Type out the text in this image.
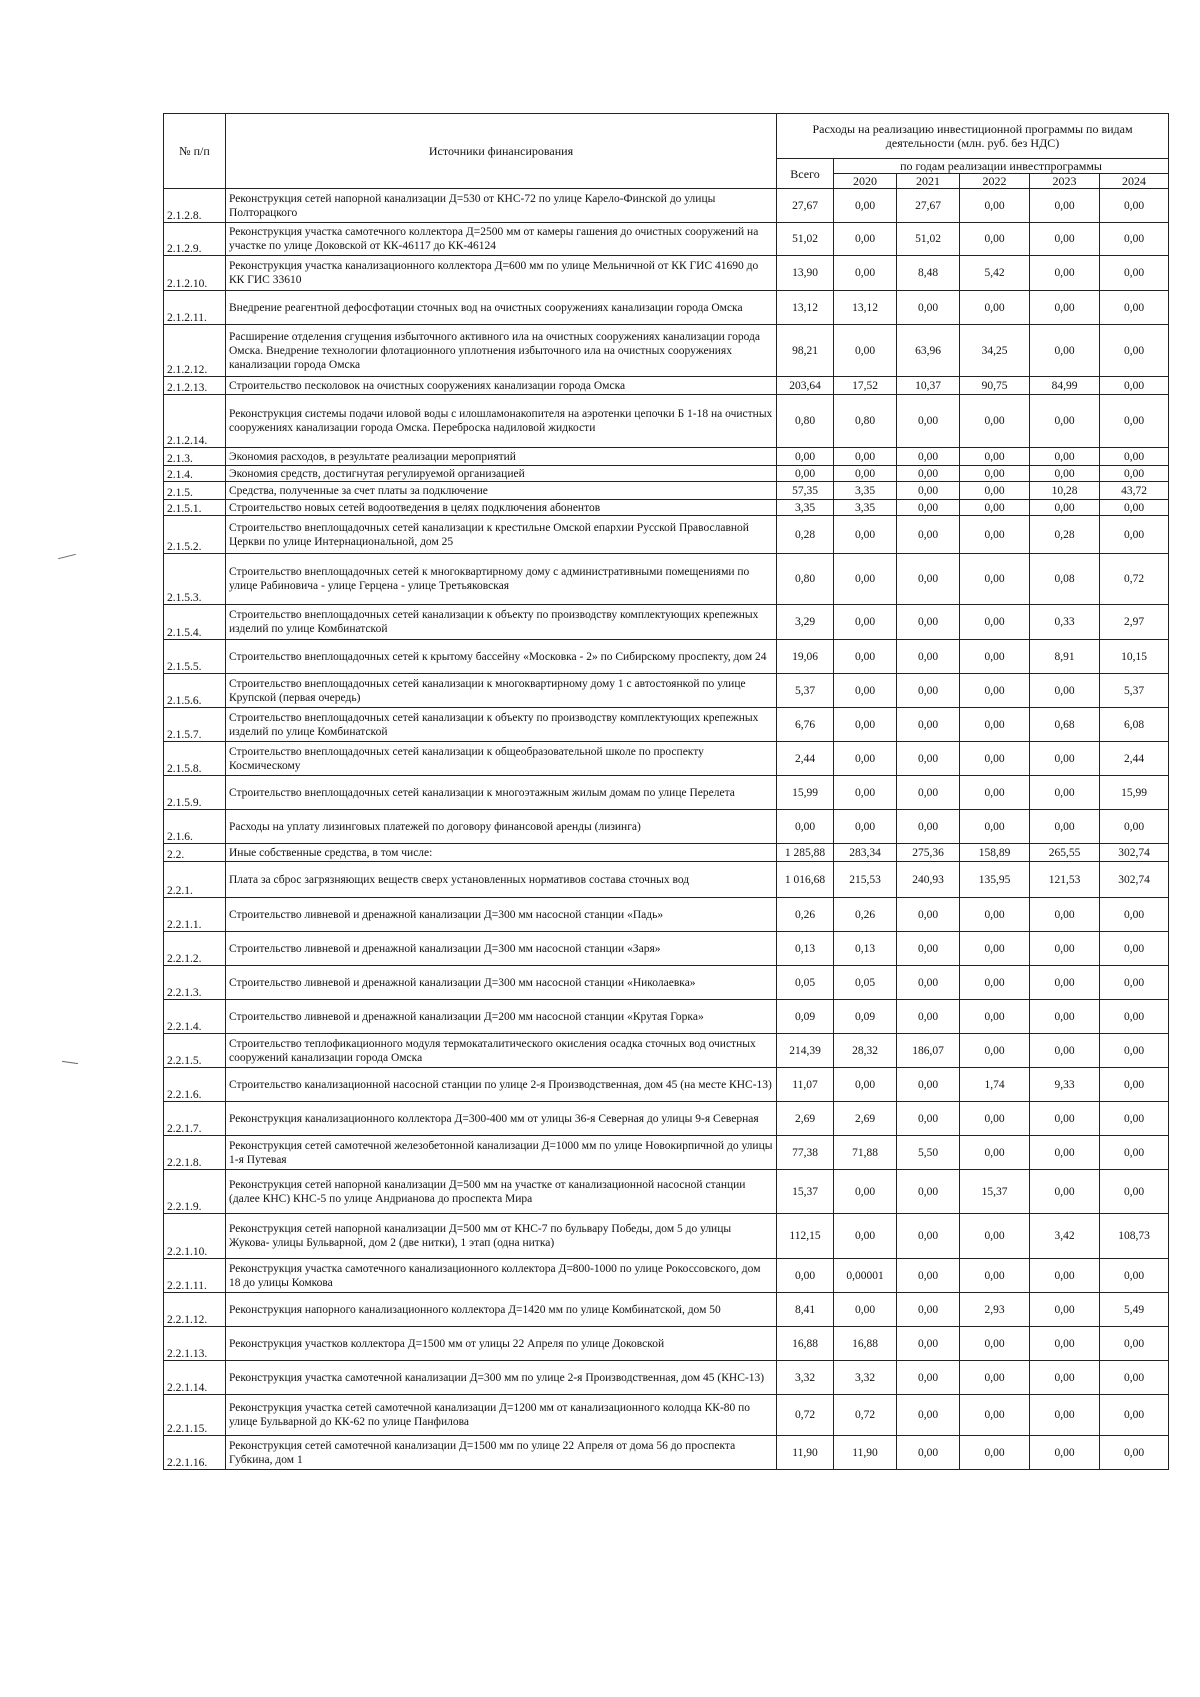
№ п/п	Источники финансирования	Расходы на реализацию инвестиционной программы по видам деятельности (млн. руб. без НДС)					
		Всего	по годам реализации инвестпрограммы				
			2020	2021	2022	2023	2024
2.1.2.8.	Реконструкция сетей напорной канализации Д=530 от КНС-72 по улице Карело-Финской до улицы Полторацкого	27,67	0,00	27,67	0,00	0,00	0,00
2.1.2.9.	Реконструкция участка самотечного коллектора Д=2500 мм от камеры гашения до очистных сооружений на участке по улице Доковской от КК-46117 до КК-46124	51,02	0,00	51,02	0,00	0,00	0,00
2.1.2.10.	Реконструкция участка канализационного коллектора Д=600 мм по улице Мельничной от КК ГИС 41690 до КК ГИС 33610	13,90	0,00	8,48	5,42	0,00	0,00
2.1.2.11.	Внедрение реагентной дефосфотации сточных вод на очистных сооружениях канализации города Омска	13,12	13,12	0,00	0,00	0,00	0,00
2.1.2.12.	Расширение отделения сгущения избыточного активного ила на очистных сооружениях канализации города Омска. Внедрение технологии флотационного уплотнения избыточного ила на очистных сооружениях канализации города Омска	98,21	0,00	63,96	34,25	0,00	0,00
2.1.2.13.	Строительство песколовок на очистных сооружениях канализации города Омска	203,64	17,52	10,37	90,75	84,99	0,00
2.1.2.14.	Реконструкция системы подачи иловой воды с илошламонакопителя на аэротенки цепочки Б 1-18 на очистных сооружениях канализации города Омска. Переброска надиловой жидкости	0,80	0,80	0,00	0,00	0,00	0,00
2.1.3.	Экономия расходов, в результате реализации мероприятий	0,00	0,00	0,00	0,00	0,00	0,00
2.1.4.	Экономия средств, достигнутая регулируемой организацией	0,00	0,00	0,00	0,00	0,00	0,00
2.1.5.	Средства, полученные за счет платы за подключение	57,35	3,35	0,00	0,00	10,28	43,72
2.1.5.1.	Строительство новых сетей водоотведения в целях подключения абонентов	3,35	3,35	0,00	0,00	0,00	0,00
2.1.5.2.	Строительство внеплощадочных сетей канализации к крестильне Омской епархии Русской Православной Церкви по улице Интернациональной, дом 25	0,28	0,00	0,00	0,00	0,28	0,00
2.1.5.3.	Строительство внеплощадочных сетей к многоквартирному дому с административными помещениями по улице Рабиновича - улице Герцена - улице Третьяковская	0,80	0,00	0,00	0,00	0,08	0,72
2.1.5.4.	Строительство внеплощадочных сетей канализации к объекту по производству комплектующих крепежных изделий по улице Комбинатской	3,29	0,00	0,00	0,00	0,33	2,97
2.1.5.5.	Строительство внеплощадочных сетей к крытому бассейну «Московка - 2» по Сибирскому проспекту, дом 24	19,06	0,00	0,00	0,00	8,91	10,15
2.1.5.6.	Строительство внеплощадочных сетей канализации к многоквартирному дому 1 с автостоянкой по улице Крупской (первая очередь)	5,37	0,00	0,00	0,00	0,00	5,37
2.1.5.7.	Строительство внеплощадочных сетей канализации к объекту по производству комплектующих крепежных изделий по улице Комбинатской	6,76	0,00	0,00	0,00	0,68	6,08
2.1.5.8.	Строительство внеплощадочных сетей канализации к общеобразовательной школе по проспекту Космическому	2,44	0,00	0,00	0,00	0,00	2,44
2.1.5.9.	Строительство внеплощадочных сетей канализации к многоэтажным жилым домам по улице Перелета	15,99	0,00	0,00	0,00	0,00	15,99
2.1.6.	Расходы на уплату лизинговых платежей по договору финансовой аренды (лизинга)	0,00	0,00	0,00	0,00	0,00	0,00
2.2.	Иные собственные средства, в том числе:	1 285,88	283,34	275,36	158,89	265,55	302,74
2.2.1.	Плата за сброс загрязняющих веществ сверх установленных нормативов состава сточных вод	1 016,68	215,53	240,93	135,95	121,53	302,74
2.2.1.1.	Строительство ливневой и дренажной канализации Д=300 мм насосной станции «Падь»	0,26	0,26	0,00	0,00	0,00	0,00
2.2.1.2.	Строительство ливневой и дренажной канализации Д=300 мм насосной станции «Заря»	0,13	0,13	0,00	0,00	0,00	0,00
2.2.1.3.	Строительство ливневой и дренажной канализации Д=300 мм насосной станции «Николаевка»	0,05	0,05	0,00	0,00	0,00	0,00
2.2.1.4.	Строительство ливневой и дренажной канализации Д=200 мм насосной станции «Крутая Горка»	0,09	0,09	0,00	0,00	0,00	0,00
2.2.1.5.	Строительство теплофикационного модуля термокаталитического окисления осадка сточных вод очистных сооружений канализации города Омска	214,39	28,32	186,07	0,00	0,00	0,00
2.2.1.6.	Строительство канализационной насосной станции по улице 2-я Производственная, дом 45 (на месте КНС-13)	11,07	0,00	0,00	1,74	9,33	0,00
2.2.1.7.	Реконструкция канализационного коллектора Д=300-400 мм от улицы 36-я Северная до улицы 9-я Северная	2,69	2,69	0,00	0,00	0,00	0,00
2.2.1.8.	Реконструкция сетей самотечной железобетонной канализации Д=1000 мм по улице Новокирпичной до улицы 1-я Путевая	77,38	71,88	5,50	0,00	0,00	0,00
2.2.1.9.	Реконструкция сетей напорной канализации Д=500 мм на участке от канализационной насосной станции (далее КНС) КНС-5 по улице Андрианова до проспекта Мира	15,37	0,00	0,00	15,37	0,00	0,00
2.2.1.10.	Реконструкция сетей напорной канализации Д=500 мм от КНС-7 по бульвару Победы, дом 5 до улицы Жукова- улицы Бульварной, дом 2 (две нитки), 1 этап (одна нитка)	112,15	0,00	0,00	0,00	3,42	108,73
2.2.1.11.	Реконструкция участка самотечного канализационного коллектора Д=800-1000 по улице Рокоссовского, дом 18 до улицы Комкова	0,00	0,00001	0,00	0,00	0,00	0,00
2.2.1.12.	Реконструкция напорного канализационного коллектора Д=1420 мм по улице Комбинатской, дом 50	8,41	0,00	0,00	2,93	0,00	5,49
2.2.1.13.	Реконструкция участков коллектора Д=1500 мм от улицы 22 Апреля по улице Доковской	16,88	16,88	0,00	0,00	0,00	0,00
2.2.1.14.	Реконструкция участка самотечной канализации Д=300 мм по улице 2-я Производственная, дом 45 (КНС-13)	3,32	3,32	0,00	0,00	0,00	0,00
2.2.1.15.	Реконструкция участка сетей самотечной канализации Д=1200 мм от канализационного колодца КК-80 по улице Бульварной до КК-62 по улице Панфилова	0,72	0,72	0,00	0,00	0,00	0,00
2.2.1.16.	Реконструкция сетей самотечной канализации Д=1500 мм по улице 22 Апреля от дома 56 до проспекта Губкина, дом 1	11,90	11,90	0,00	0,00	0,00	0,00
